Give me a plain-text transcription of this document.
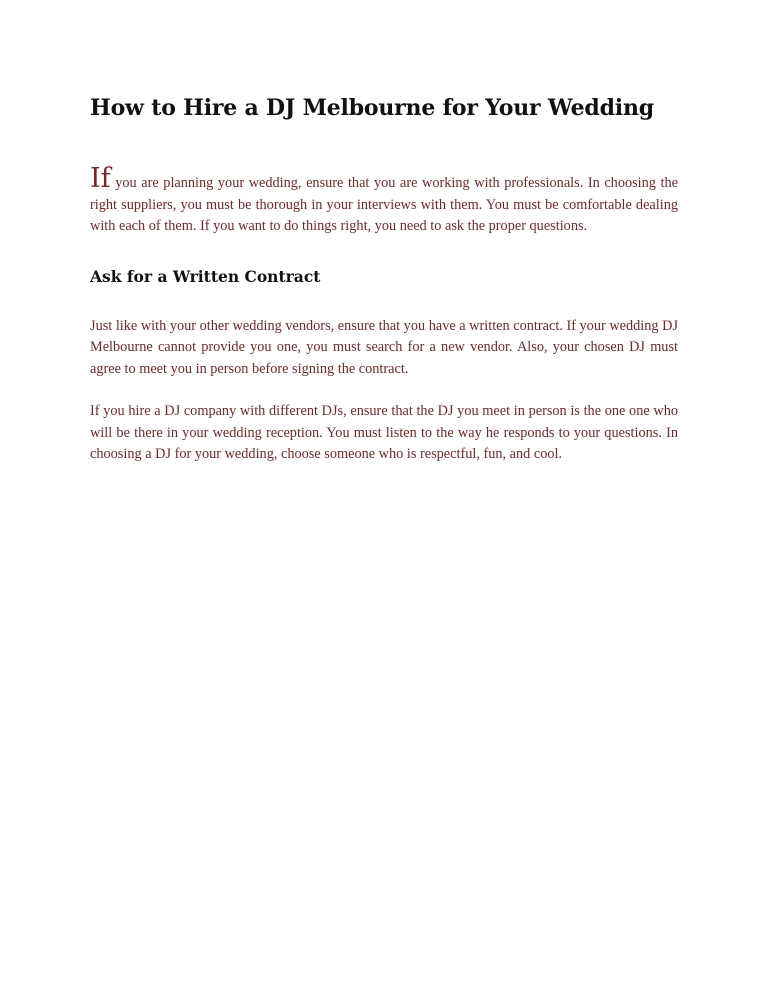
How to Hire a DJ Melbourne for Your Wedding

If you are planning your wedding, ensure that you are working with professionals. In choosing the right suppliers, you must be thorough in your interviews with them. You must be comfortable dealing with each of them. If you want to do things right, you need to ask the proper questions.

Ask for a Written Contract

Just like with your other wedding vendors, ensure that you have a written contract. If your wedding DJ Melbourne cannot provide you one, you must search for a new vendor. Also, your chosen DJ must agree to meet you in person before signing the contract.

If you hire a DJ company with different DJs, ensure that the DJ you meet in person is the one one who will be there in your wedding reception. You must listen to the way he responds to your questions. In choosing a DJ for your wedding, choose someone who is respectful, fun, and cool.
